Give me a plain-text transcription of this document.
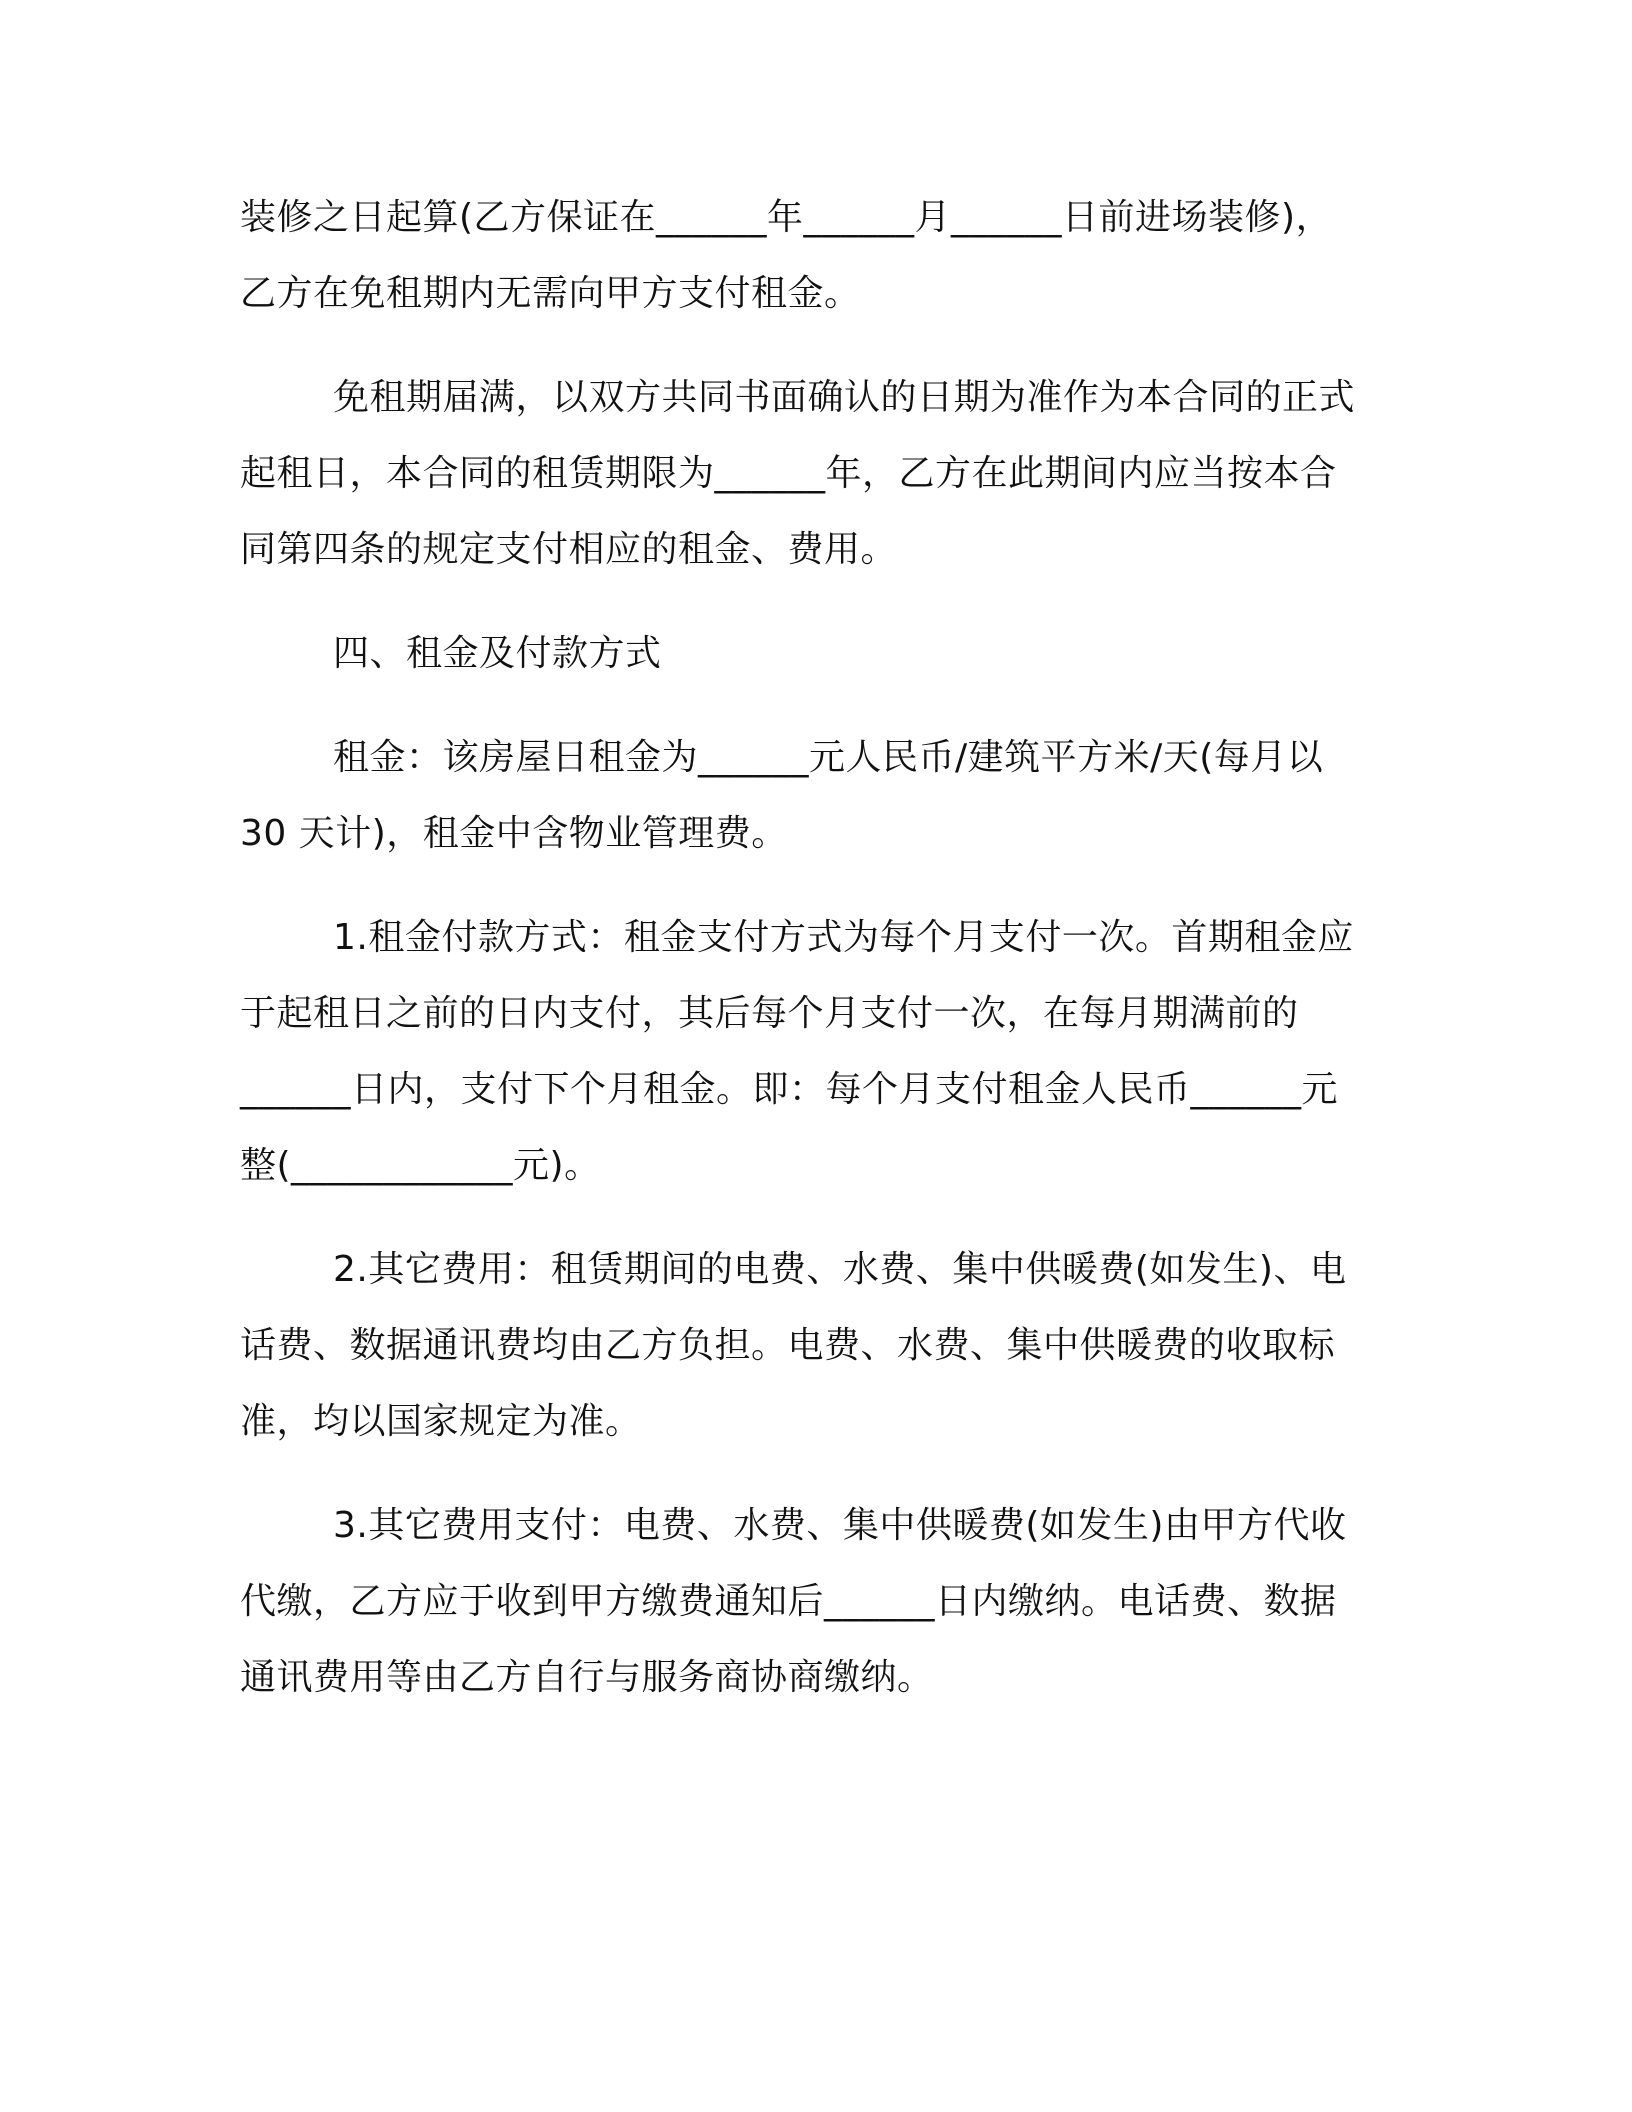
装修之日起算(乙方保证在______年______月______日前进场装修)，

乙方在免租期内无需向甲方支付租金。

免租期届满，以双方共同书面确认的日期为准作为本合同的正式

起租日，本合同的租赁期限为______年，乙方在此期间内应当按本合

同第四条的规定支付相应的租金、费用。

四、租金及付款方式

租金：该房屋日租金为______元人民币/建筑平方米/天(每月以

30 天计)，租金中含物业管理费。

1.租金付款方式：租金支付方式为每个月支付一次。首期租金应

于起租日之前的日内支付，其后每个月支付一次，在每月期满前的

______日内，支付下个月租金。即：每个月支付租金人民币______元

整(____________元)。

2.其它费用：租赁期间的电费、水费、集中供暖费(如发生)、电

话费、数据通讯费均由乙方负担。电费、水费、集中供暖费的收取标

准，均以国家规定为准。

3.其它费用支付：电费、水费、集中供暖费(如发生)由甲方代收

代缴，乙方应于收到甲方缴费通知后______日内缴纳。电话费、数据

通讯费用等由乙方自行与服务商协商缴纳。
